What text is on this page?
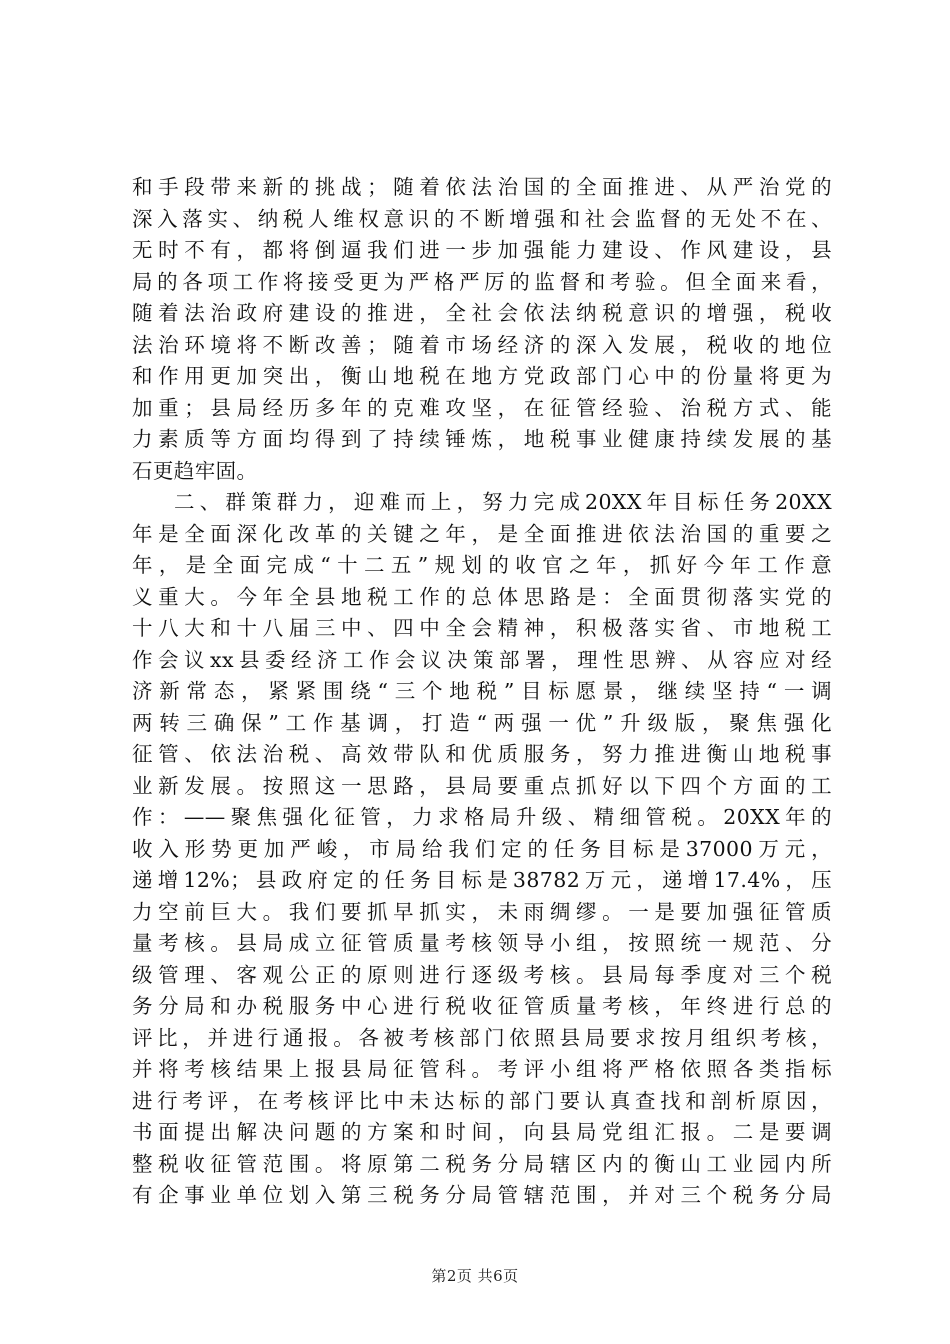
和手段带来新的挑战；随着依法治国的全面推进、从严治党的
深入落实、纳税人维权意识的不断增强和社会监督的无处不在、
无时不有，都将倒逼我们进一步加强能力建设、作风建设，县
局的各项工作将接受更为严格严厉的监督和考验。但全面来看，
随着法治政府建设的推进，全社会依法纳税意识的增强，税收
法治环境将不断改善；随着市场经济的深入发展，税收的地位
和作用更加突出，衡山地税在地方党政部门心中的份量将更为
加重；县局经历多年的克难攻坚，在征管经验、治税方式、能
力素质等方面均得到了持续锤炼，地税事业健康持续发展的基
石更趋牢固。
二、群策群力，迎难而上，努力完成20XX年目标任务20XX
年是全面深化改革的关键之年，是全面推进依法治国的重要之
年，是全面完成“十二五”规划的收官之年，抓好今年工作意
义重大。今年全县地税工作的总体思路是：全面贯彻落实党的
十八大和十八届三中、四中全会精神，积极落实省、市地税工
作会议xx县委经济工作会议决策部署，理性思辨、从容应对经
济新常态，紧紧围绕“三个地税”目标愿景，继续坚持“一调
两转三确保”工作基调，打造“两强一优”升级版，聚焦强化
征管、依法治税、高效带队和优质服务，努力推进衡山地税事
业新发展。按照这一思路，县局要重点抓好以下四个方面的工
作：——聚焦强化征管，力求格局升级、精细管税。20XX年的
收入形势更加严峻，市局给我们定的任务目标是37000万元，
递增12%；县政府定的任务目标是38782万元，递增17.4%，压
力空前巨大。我们要抓早抓实，未雨绸缪。一是要加强征管质
量考核。县局成立征管质量考核领导小组，按照统一规范、分
级管理、客观公正的原则进行逐级考核。县局每季度对三个税
务分局和办税服务中心进行税收征管质量考核，年终进行总的
评比，并进行通报。各被考核部门依照县局要求按月组织考核，
并将考核结果上报县局征管科。考评小组将严格依照各类指标
进行考评，在考核评比中未达标的部门要认真查找和剖析原因，
书面提出解决问题的方案和时间，向县局党组汇报。二是要调
整税收征管范围。将原第二税务分局辖区内的衡山工业园内所
有企事业单位划入第三税务分局管辖范围，并对三个税务分局
第2页 共6页
